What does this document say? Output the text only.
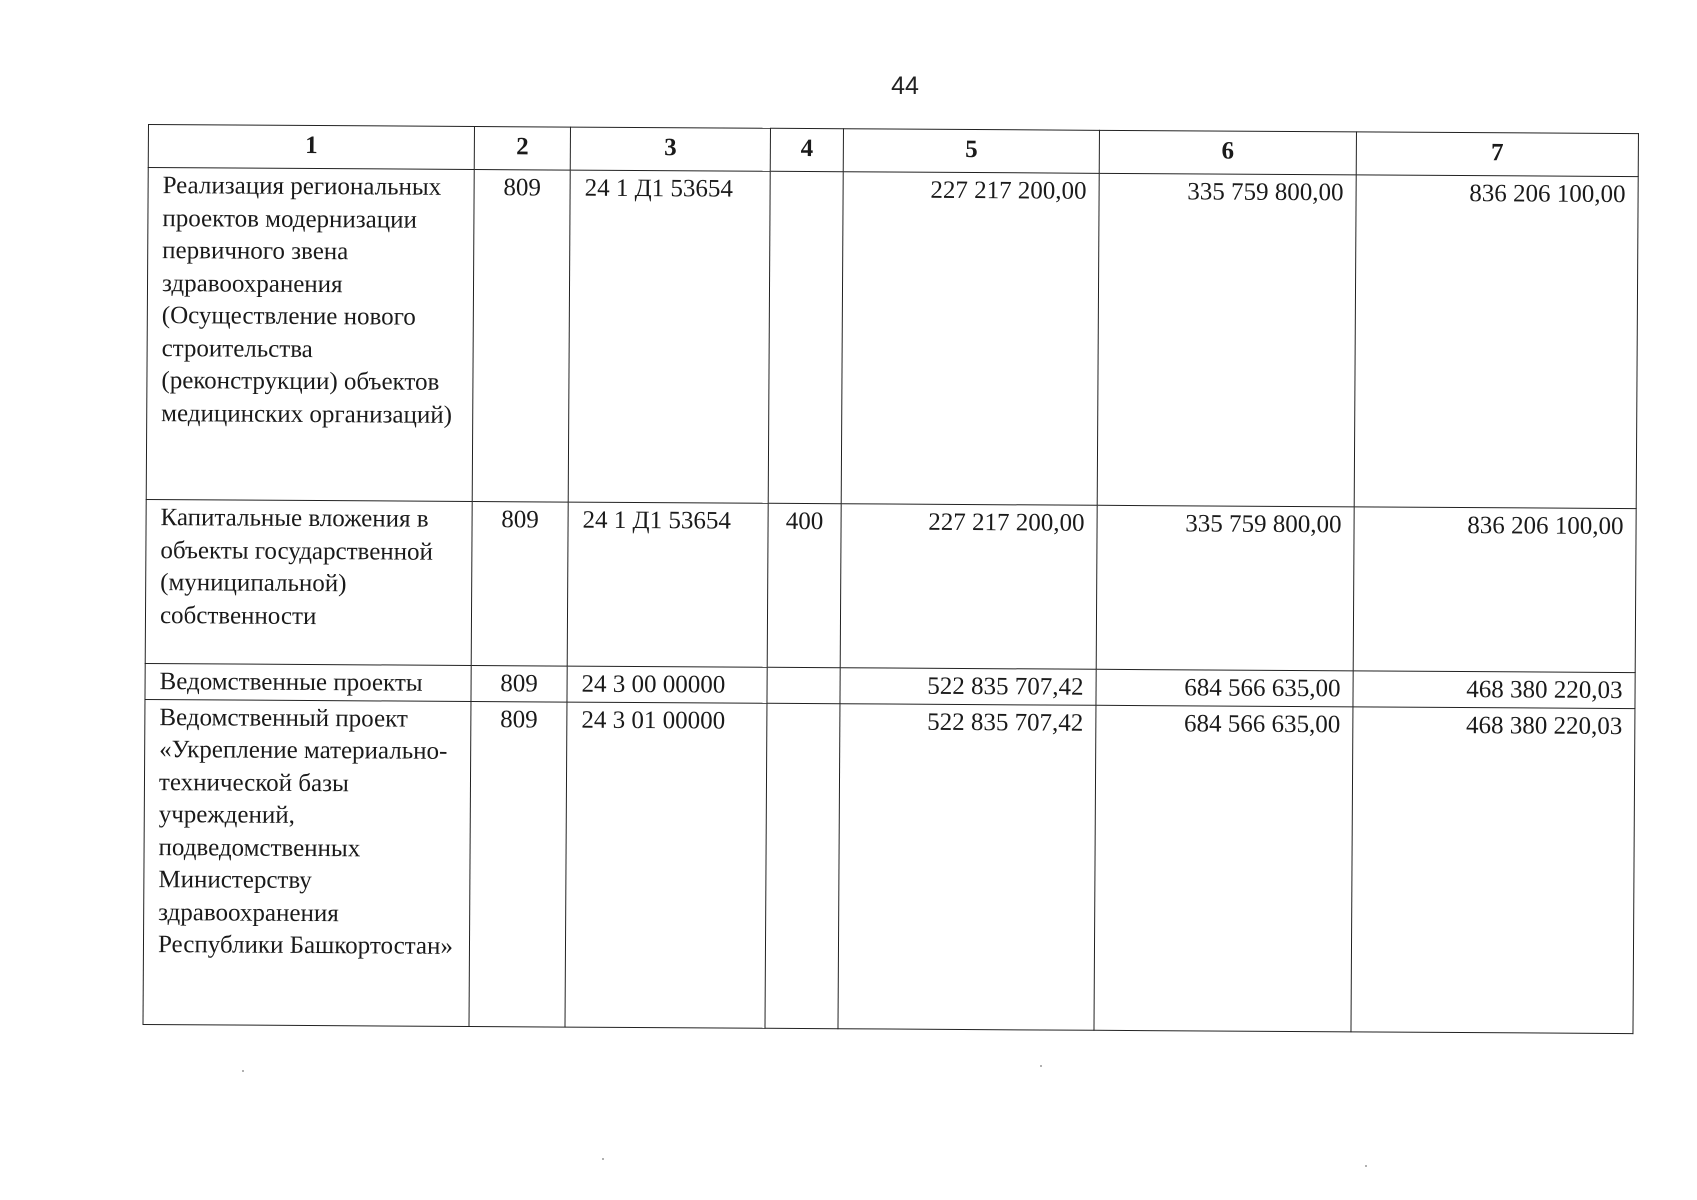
44
1	2	3	4	5	6	7
Реализация региональных проектов модернизации первичного звена здравоохранения (Осуществление нового строительства (реконструкции) объектов медицинских организаций)	809	24 1 Д1 53654		227 217 200,00	335 759 800,00	836 206 100,00
Капитальные вложения в объекты государственной (муниципальной) собственности	809	24 1 Д1 53654	400	227 217 200,00	335 759 800,00	836 206 100,00
Ведомственные проекты	809	24 3 00 00000		522 835 707,42	684 566 635,00	468 380 220,03
Ведомственный проект «Укрепление материально-технической базы учреждений, подведомственных Министерству здравоохранения Республики Башкортостан»	809	24 3 01 00000		522 835 707,42	684 566 635,00	468 380 220,03
